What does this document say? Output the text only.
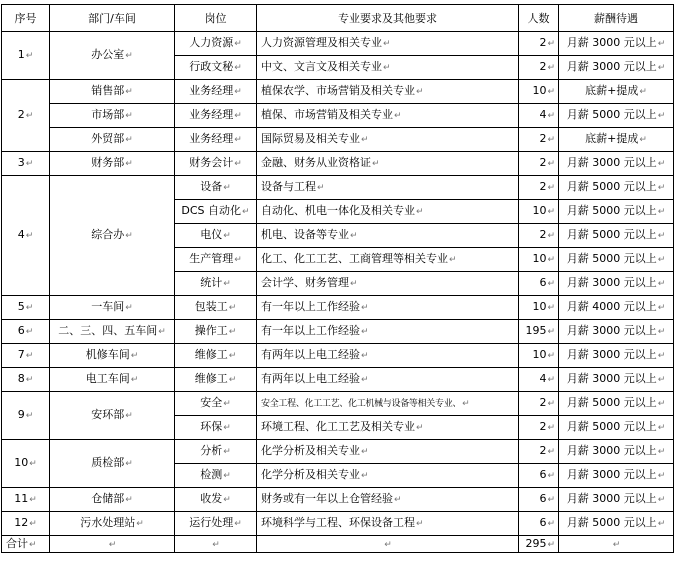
序号	部门/车间	岗位	专业要求及其他要求	人数	薪酬待遇
1↵	办公室↵	人力资源↵	人力资源管理及相关专业↵	2↵	月薪 3000 元以上↵
		行政文秘↵	中文、文言文及相关专业↵	2↵	月薪 3000 元以上↵
2↵	销售部↵	业务经理↵	植保农学、市场营销及相关专业↵	10↵	底薪+提成↵
	市场部↵	业务经理↵	植保、市场营销及相关专业↵	4↵	月薪 5000 元以上↵
	外贸部↵	业务经理↵	国际贸易及相关专业↵	2↵	底薪+提成↵
3↵	财务部↵	财务会计↵	金融、财务从业资格证↵	2↵	月薪 3000 元以上↵
4↵	综合办↵	设备↵	设备与工程↵	2↵	月薪 5000 元以上↵
		DCS 自动化↵	自动化、机电一体化及相关专业↵	10↵	月薪 5000 元以上↵
		电仪↵	机电、设备等专业↵	2↵	月薪 5000 元以上↵
		生产管理↵	化工、化工工艺、工商管理等相关专业↵	10↵	月薪 5000 元以上↵
		统计↵	会计学、财务管理↵	6↵	月薪 3000 元以上↵
5↵	一车间↵	包装工↵	有一年以上工作经验↵	10↵	月薪 4000 元以上↵
6↵	二、三、四、五车间↵	操作工↵	有一年以上工作经验↵	195↵	月薪 3000 元以上↵
7↵	机修车间↵	维修工↵	有两年以上电工经验↵	10↵	月薪 3000 元以上↵
8↵	电工车间↵	维修工↵	有两年以上电工经验↵	4↵	月薪 3000 元以上↵
9↵	安环部↵	安全↵	安全工程、化工工艺、化工机械与设备等相关专业、↵	2↵	月薪 5000 元以上↵
		环保↵	环境工程、化工工艺及相关专业↵	2↵	月薪 5000 元以上↵
10↵	质检部↵	分析↵	化学分析及相关专业↵	2↵	月薪 3000 元以上↵
		检测↵	化学分析及相关专业↵	6↵	月薪 3000 元以上↵
11↵	仓储部↵	收发↵	财务或有一年以上仓管经验↵	6↵	月薪 3000 元以上↵
12↵	污水处理站↵	运行处理↵	环境科学与工程、环保设备工程↵	6↵	月薪 5000 元以上↵
合计↵	↵	↵	↵	295↵	↵
